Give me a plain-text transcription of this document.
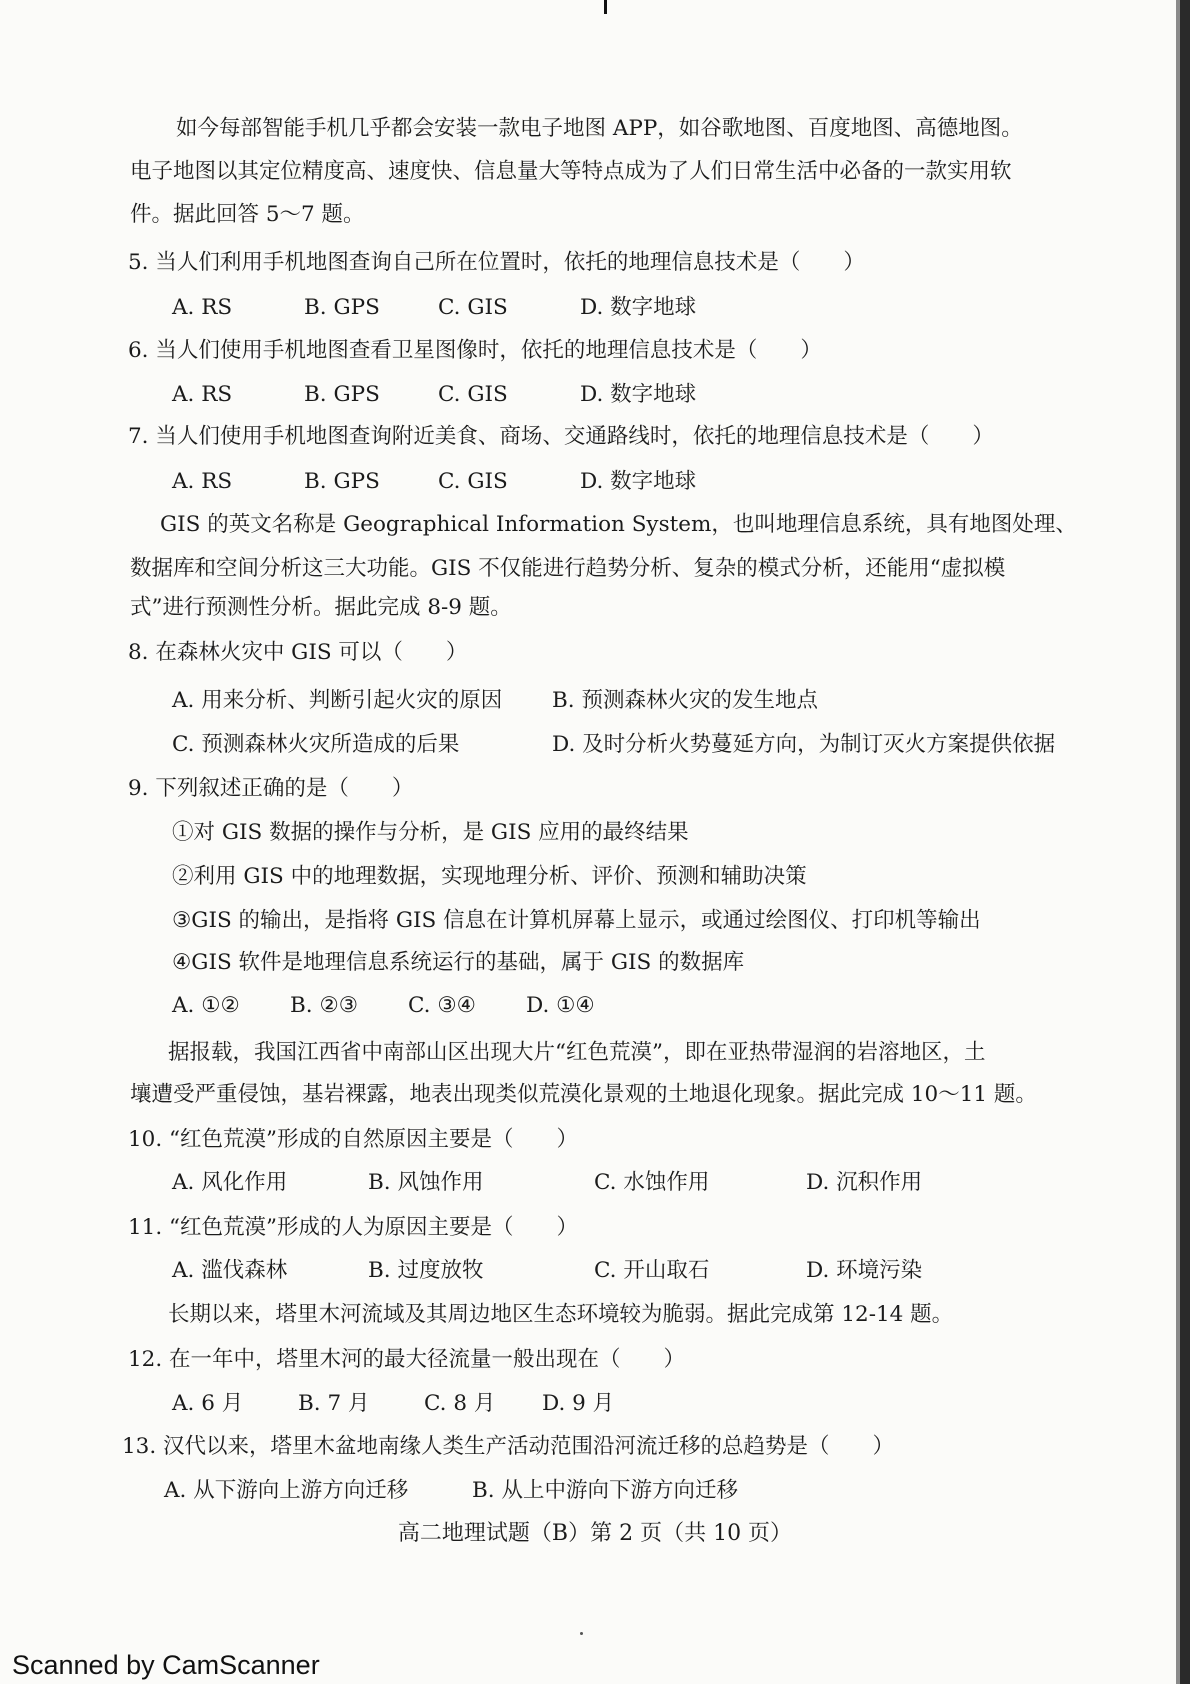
如今每部智能手机几乎都会安装一款电子地图 APP，如谷歌地图、百度地图、高德地图。
电子地图以其定位精度高、速度快、信息量大等特点成为了人们日常生活中必备的一款实用软
件。据此回答 5～7 题。
5. 当人们利用手机地图查询自己所在位置时，依托的地理信息技术是（　　）
A. RS	B. GPS	C. GIS	D. 数字地球
6. 当人们使用手机地图查看卫星图像时，依托的地理信息技术是（　　）
A. RS	B. GPS	C. GIS	D. 数字地球
7. 当人们使用手机地图查询附近美食、商场、交通路线时，依托的地理信息技术是（　　）
A. RS	B. GPS	C. GIS	D. 数字地球
GIS 的英文名称是 Geographical Information System，也叫地理信息系统，具有地图处理、
数据库和空间分析这三大功能。GIS 不仅能进行趋势分析、复杂的模式分析，还能用“虚拟模
式”进行预测性分析。据此完成 8-9 题。
8. 在森林火灾中 GIS 可以（　　）
A. 用来分析、判断引起火灾的原因 B. 预测森林火灾的发生地点
C. 预测森林火灾所造成的后果	D. 及时分析火势蔓延方向，为制订灭火方案提供依据
9. 下列叙述正确的是（　　）
①对 GIS 数据的操作与分析，是 GIS 应用的最终结果
②利用 GIS 中的地理数据，实现地理分析、评价、预测和辅助决策
③GIS 的输出，是指将 GIS 信息在计算机屏幕上显示，或通过绘图仪、打印机等输出
④GIS 软件是地理信息系统运行的基础，属于 GIS 的数据库
A. ①② B. ②③ C. ③④ D. ①④
据报载，我国江西省中南部山区出现大片“红色荒漠”，即在亚热带湿润的岩溶地区，土
壤遭受严重侵蚀，基岩裸露，地表出现类似荒漠化景观的土地退化现象。据此完成 10～11 题。
10. “红色荒漠”形成的自然原因主要是（　　）
A. 风化作用	B. 风蚀作用	C. 水蚀作用	D. 沉积作用
11. “红色荒漠”形成的人为原因主要是（　　）
A. 滥伐森林	B. 过度放牧	C. 开山取石	D. 环境污染
长期以来，塔里木河流域及其周边地区生态环境较为脆弱。据此完成第 12-14 题。
12. 在一年中，塔里木河的最大径流量一般出现在（　　）
A. 6 月	B. 7 月	C. 8 月 D. 9 月
13. 汉代以来，塔里木盆地南缘人类生产活动范围沿河流迁移的总趋势是（　　）
A. 从下游向上游方向迁移	B. 从上中游向下游方向迁移
高二地理试题（B）第 2 页（共 10 页）
Scanned by CamScanner
